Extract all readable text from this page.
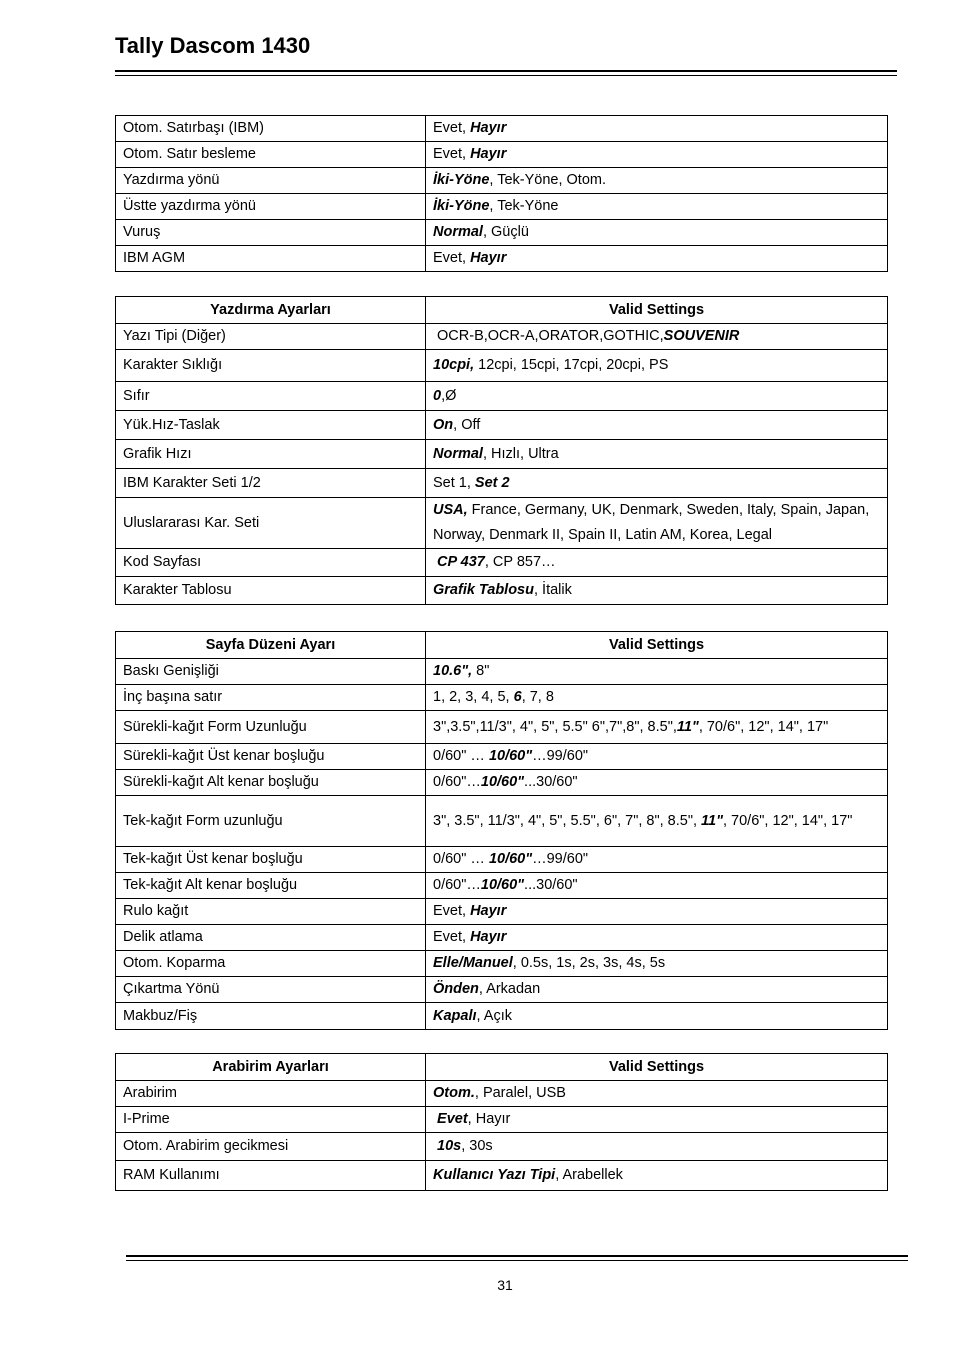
Tally Dascom 1430
Otom. Satırbaşı (IBM)	Evet, Hayır
Otom. Satır besleme	Evet, Hayır
Yazdırma yönü	İki-Yöne, Tek-Yöne, Otom.
Üstte yazdırma yönü	İki-Yöne, Tek-Yöne
Vuruş	Normal, Güçlü
IBM AGM	Evet, Hayır
Yazdırma Ayarları	Valid Settings
Yazı Tipi (Diğer)	OCR-B,OCR-A,ORATOR,GOTHIC,SOUVENIR
Karakter Sıklığı	10cpi, 12cpi, 15cpi, 17cpi, 20cpi, PS
Sıfır	0,Ø
Yük.Hız-Taslak	On, Off
Grafik Hızı	Normal, Hızlı, Ultra
IBM Karakter Seti 1/2	Set 1, Set 2
Uluslararası Kar. Seti	USA, France, Germany, UK, Denmark, Sweden, Italy, Spain, Japan, Norway, Denmark II, Spain II, Latin AM, Korea, Legal
Kod Sayfası	CP 437, CP 857…
Karakter Tablosu	Grafik Tablosu, İtalik
Sayfa Düzeni Ayarı	Valid Settings
Baskı Genişliği	10.6", 8"
İnç başına satır	1, 2, 3, 4, 5, 6, 7, 8
Sürekli-kağıt Form Uzunluğu	3",3.5",11/3", 4", 5", 5.5" 6",7",8", 8.5",11", 70/6", 12", 14", 17"
Sürekli-kağıt Üst kenar boşluğu	0/60" … 10/60"…99/60"
Sürekli-kağıt Alt kenar boşluğu	0/60"…10/60"...30/60"
Tek-kağıt Form uzunluğu	3", 3.5", 11/3", 4", 5", 5.5", 6", 7", 8", 8.5", 11", 70/6", 12", 14", 17"
Tek-kağıt Üst kenar boşluğu	0/60" … 10/60"…99/60"
Tek-kağıt Alt kenar boşluğu	0/60"…10/60"...30/60"
Rulo kağıt	Evet, Hayır
Delik atlama	Evet, Hayır
Otom. Koparma	Elle/Manuel, 0.5s, 1s, 2s, 3s, 4s, 5s
Çıkartma Yönü	Önden, Arkadan
Makbuz/Fiş	Kapalı, Açık
Arabirim Ayarları	Valid Settings
Arabirim	Otom., Paralel, USB
I-Prime	Evet, Hayır
Otom. Arabirim gecikmesi	10s, 30s
RAM Kullanımı	Kullanıcı Yazı Tipi, Arabellek
31
